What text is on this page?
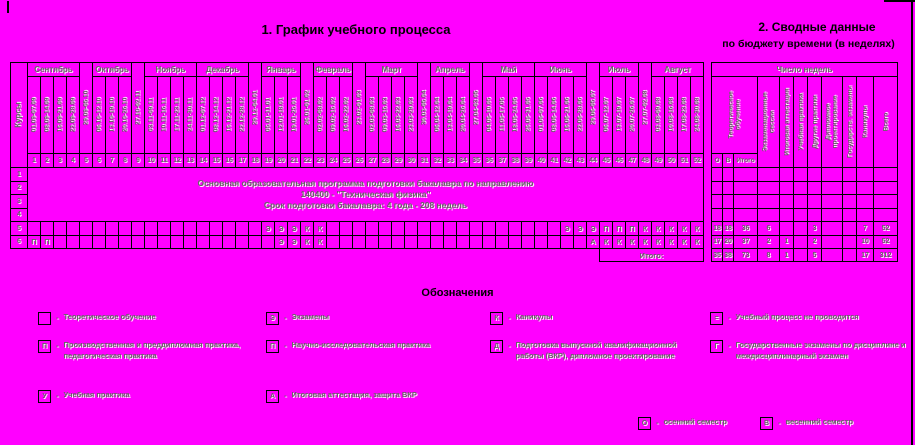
1. График учебного процесса	2. Сводные данные
по бюджету времени (в неделях)
Курсы	Сентябрь				29.09-05.10	Октябрь			27.10-02.11	Ноябрь				Декабрь				29.12-04.01	Январь			26.01-01.02	Февраль			23.02-01.03	Март				30.03-05.04	Апрель			27.04-03.05	Май				Июнь				29.06-05.07	Июль			27.07-02.08	Август			

	01.09-07.09	08.09-14.09	15.09-21.09	22.09-28.09		06.10-12.10	13.10-19.10	20.10-26.10		03.11-09.11	10.11-16.11	17.11-23.11	24.11-30.11	01.12-07.12	08.12-14.12	15.12-21.12	22.12-28.12		05.01-11.01	12.01-18.01	19.01-25.01		02.02-08.02	09.02-15.02	16.02-22.02		02.03-08.03	09.03-15.03	16.03-22.03	23.03-29.03		06.04-12.04	13.04-19.04	20.04-26.04		04.05-10.05	11.05-17.05	18.05-24.05	25.05-31.05	01.06-07.06	08.06-14.06	15.06-21.06	22.06-28.06		06.07-12.07	13.07-19.07	20.07-26.07		03.08-09.08	10.08-16.08	17.08-23.08	24.08-30.08

	1	2	3	4	5	6	7	8	9	10	11	12	13	14	15	16	17	18	19	20	21	22	23	24	25	26	27	28	29	30	31	32	33	34	35	36	37	38	39	40	41	42	43	44	45	46	47	48	49	50	51	52
1	Основная образовательная программа подготовки бакалавра по направлению
140400 - "Техническая физика"
Срок подготовки бакалавра: 4 года - 208 недель																																																			

2																																																				
3																																																				
4																																																				
5																			Э	Э	Э	К	К																			Э	Э	Э	П	П	П	К	К	К	К	К
6	П	П																		Э	Э	К	К																					А	К	К	К	К	К	К	К	К
																																													Итого:							
Число недель										

Теоретическое обучение			Экзаменационные сессии	Итоговая аттестация	Учебная практика	Другие практики	Дипломное проектирование	Государств. экзамены	Каникулы	Всего

О	В	Итого								

18	18	36	6			3			7	52
17	20	37	2	1		2			10	52
35	38	73	8	1		5			17	312
Обозначения
- Теоретическое обучение	Э - Экзамены	К - Каникулы	= - Учебный процесс не проводится
П - Производственная и преддипломная практика, педагогическая практика
П - Научно-исследовательская практика	Д - Подготовка выпускной квалификационной работы (ВКР), дипломное проектирование
Г - Государственные экзамены по дисциплине и междисциплинарный экзамен
У - Учебная практика	А - Итоговая аттестация, защита ВКР
О - осенний семестр	В - весенний семестр
